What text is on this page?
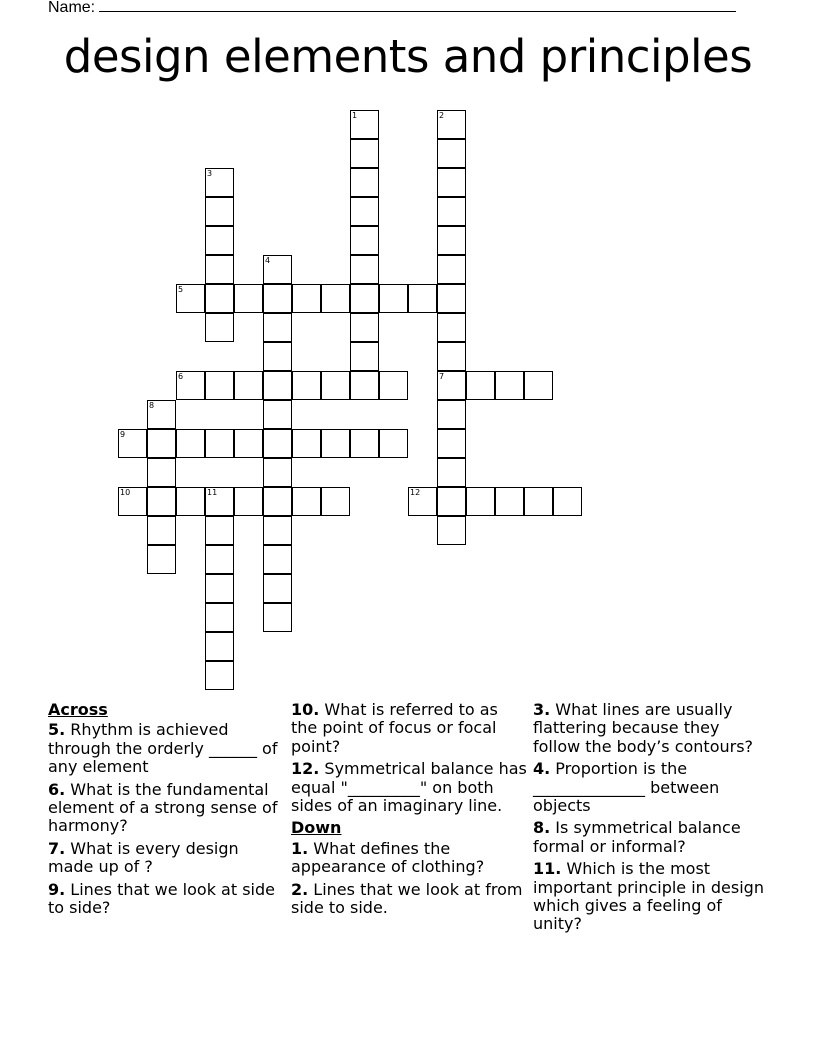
Name:
design elements and principles
1	2
7
3
4
5
6
8
9
10	11	12
Across
5. Rhythm is achieved through the orderly ______ of any element
6. What is the fundamental element of a strong sense of harmony?
7. What is every design made up of ?
9. Lines that we look at side to side?
10. What is referred to as the point of focus or focal point?
12. Symmetrical balance has equal "_________" on both sides of an imaginary line.
Down
1. What defines the appearance of clothing?
2. Lines that we look at from side to side.
3. What lines are usually flattering because they follow the body’s contours?
4. Proportion is the ______________ between objects
8. Is symmetrical balance formal or informal?
11. Which is the most important principle in design which gives a feeling of unity?
